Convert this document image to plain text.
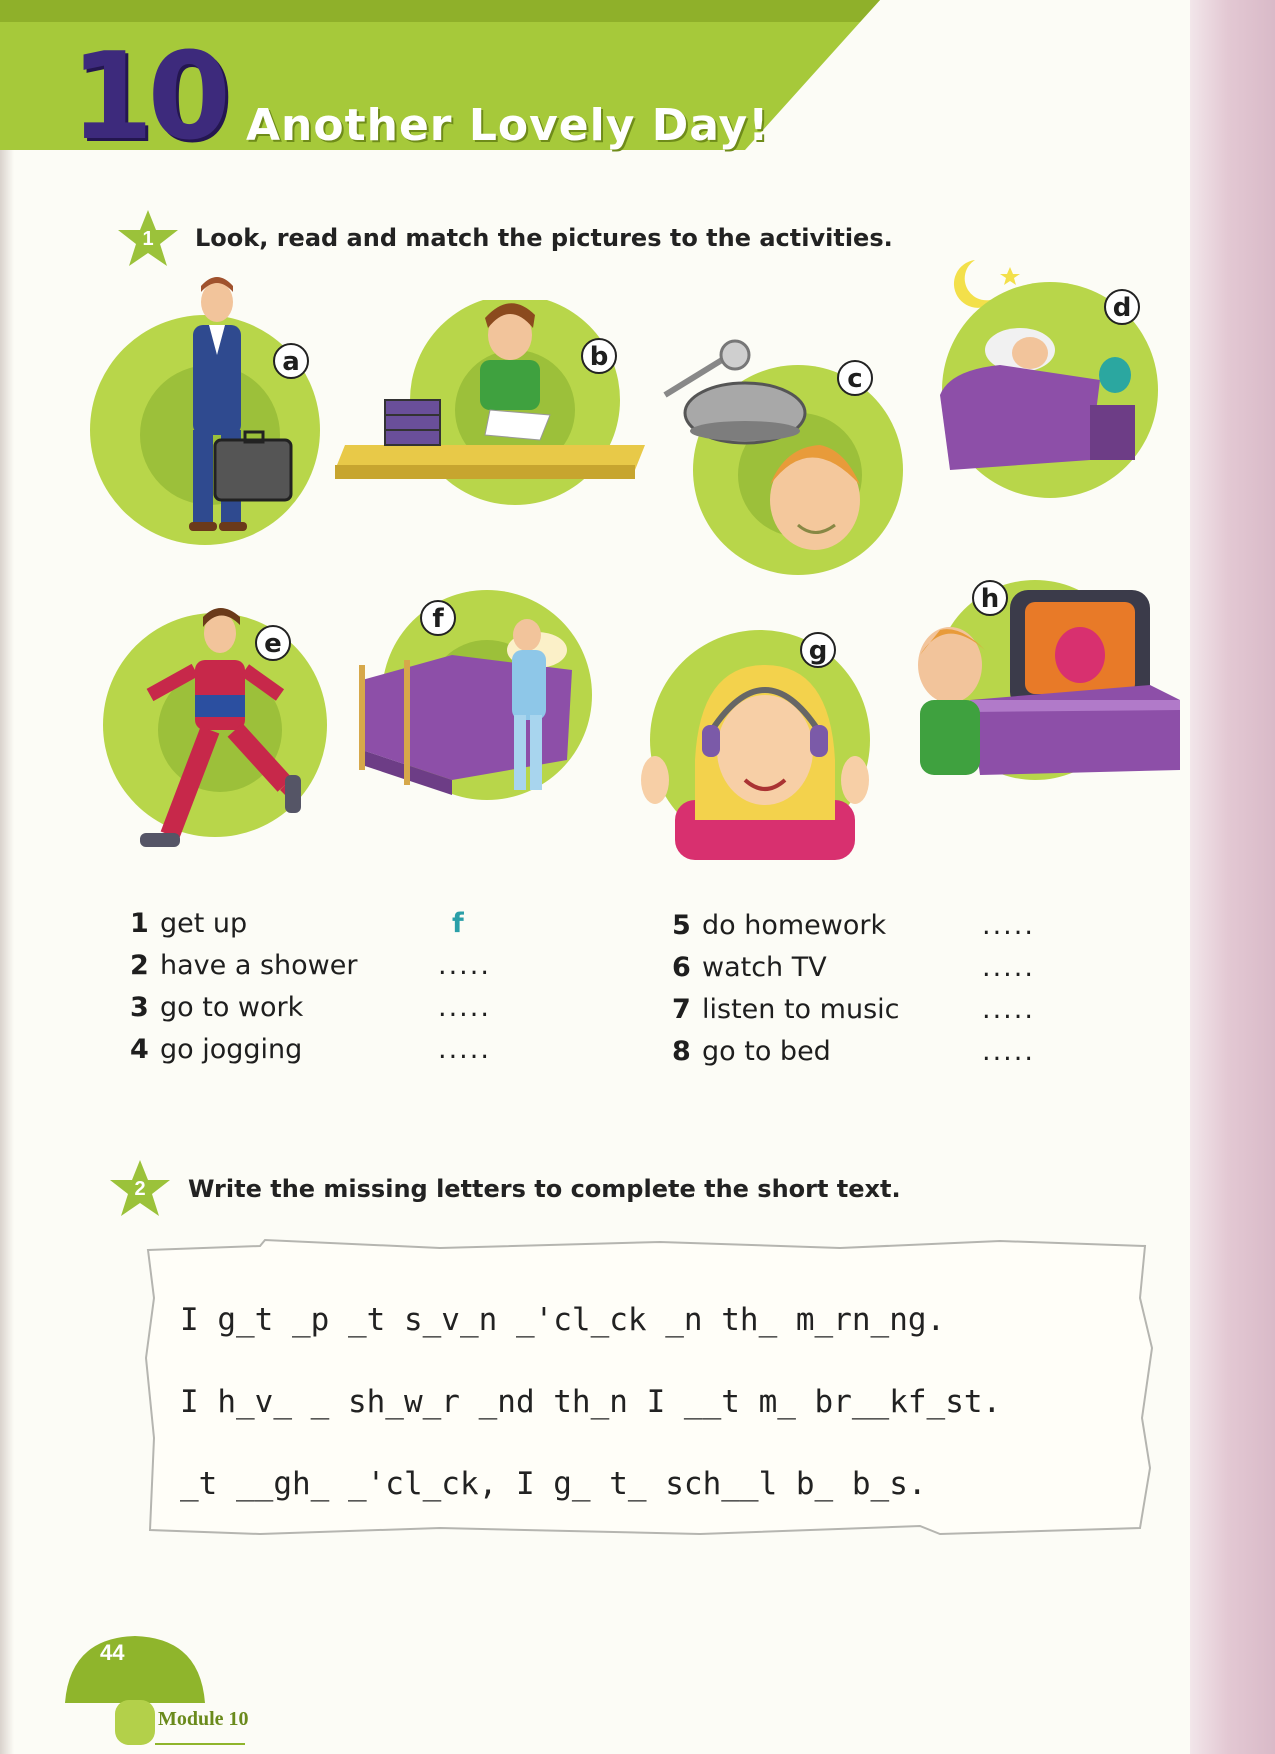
10 Another Lovely Day!
1	Look, read and match the pictures to the activities.
a	b
c
d
e
f
g
h
1 get up	f
2 have a shower	.....
3 go to work	.....
4 go jogging	.....
5 do homework	.....
6 watch TV	.....
7 listen to music	.....
8 go to bed	.....
2	Write the missing letters to complete the short text.
I g_t _p _t s_v_n _'cl_ck _n th_ m_rn_ng.
I h_v_ _ sh_w_r _nd th_n I __t m_ br__kf_st.
_t __gh_ _'cl_ck, I g_ t_ sch__l b_ b_s.
44
Module 10
